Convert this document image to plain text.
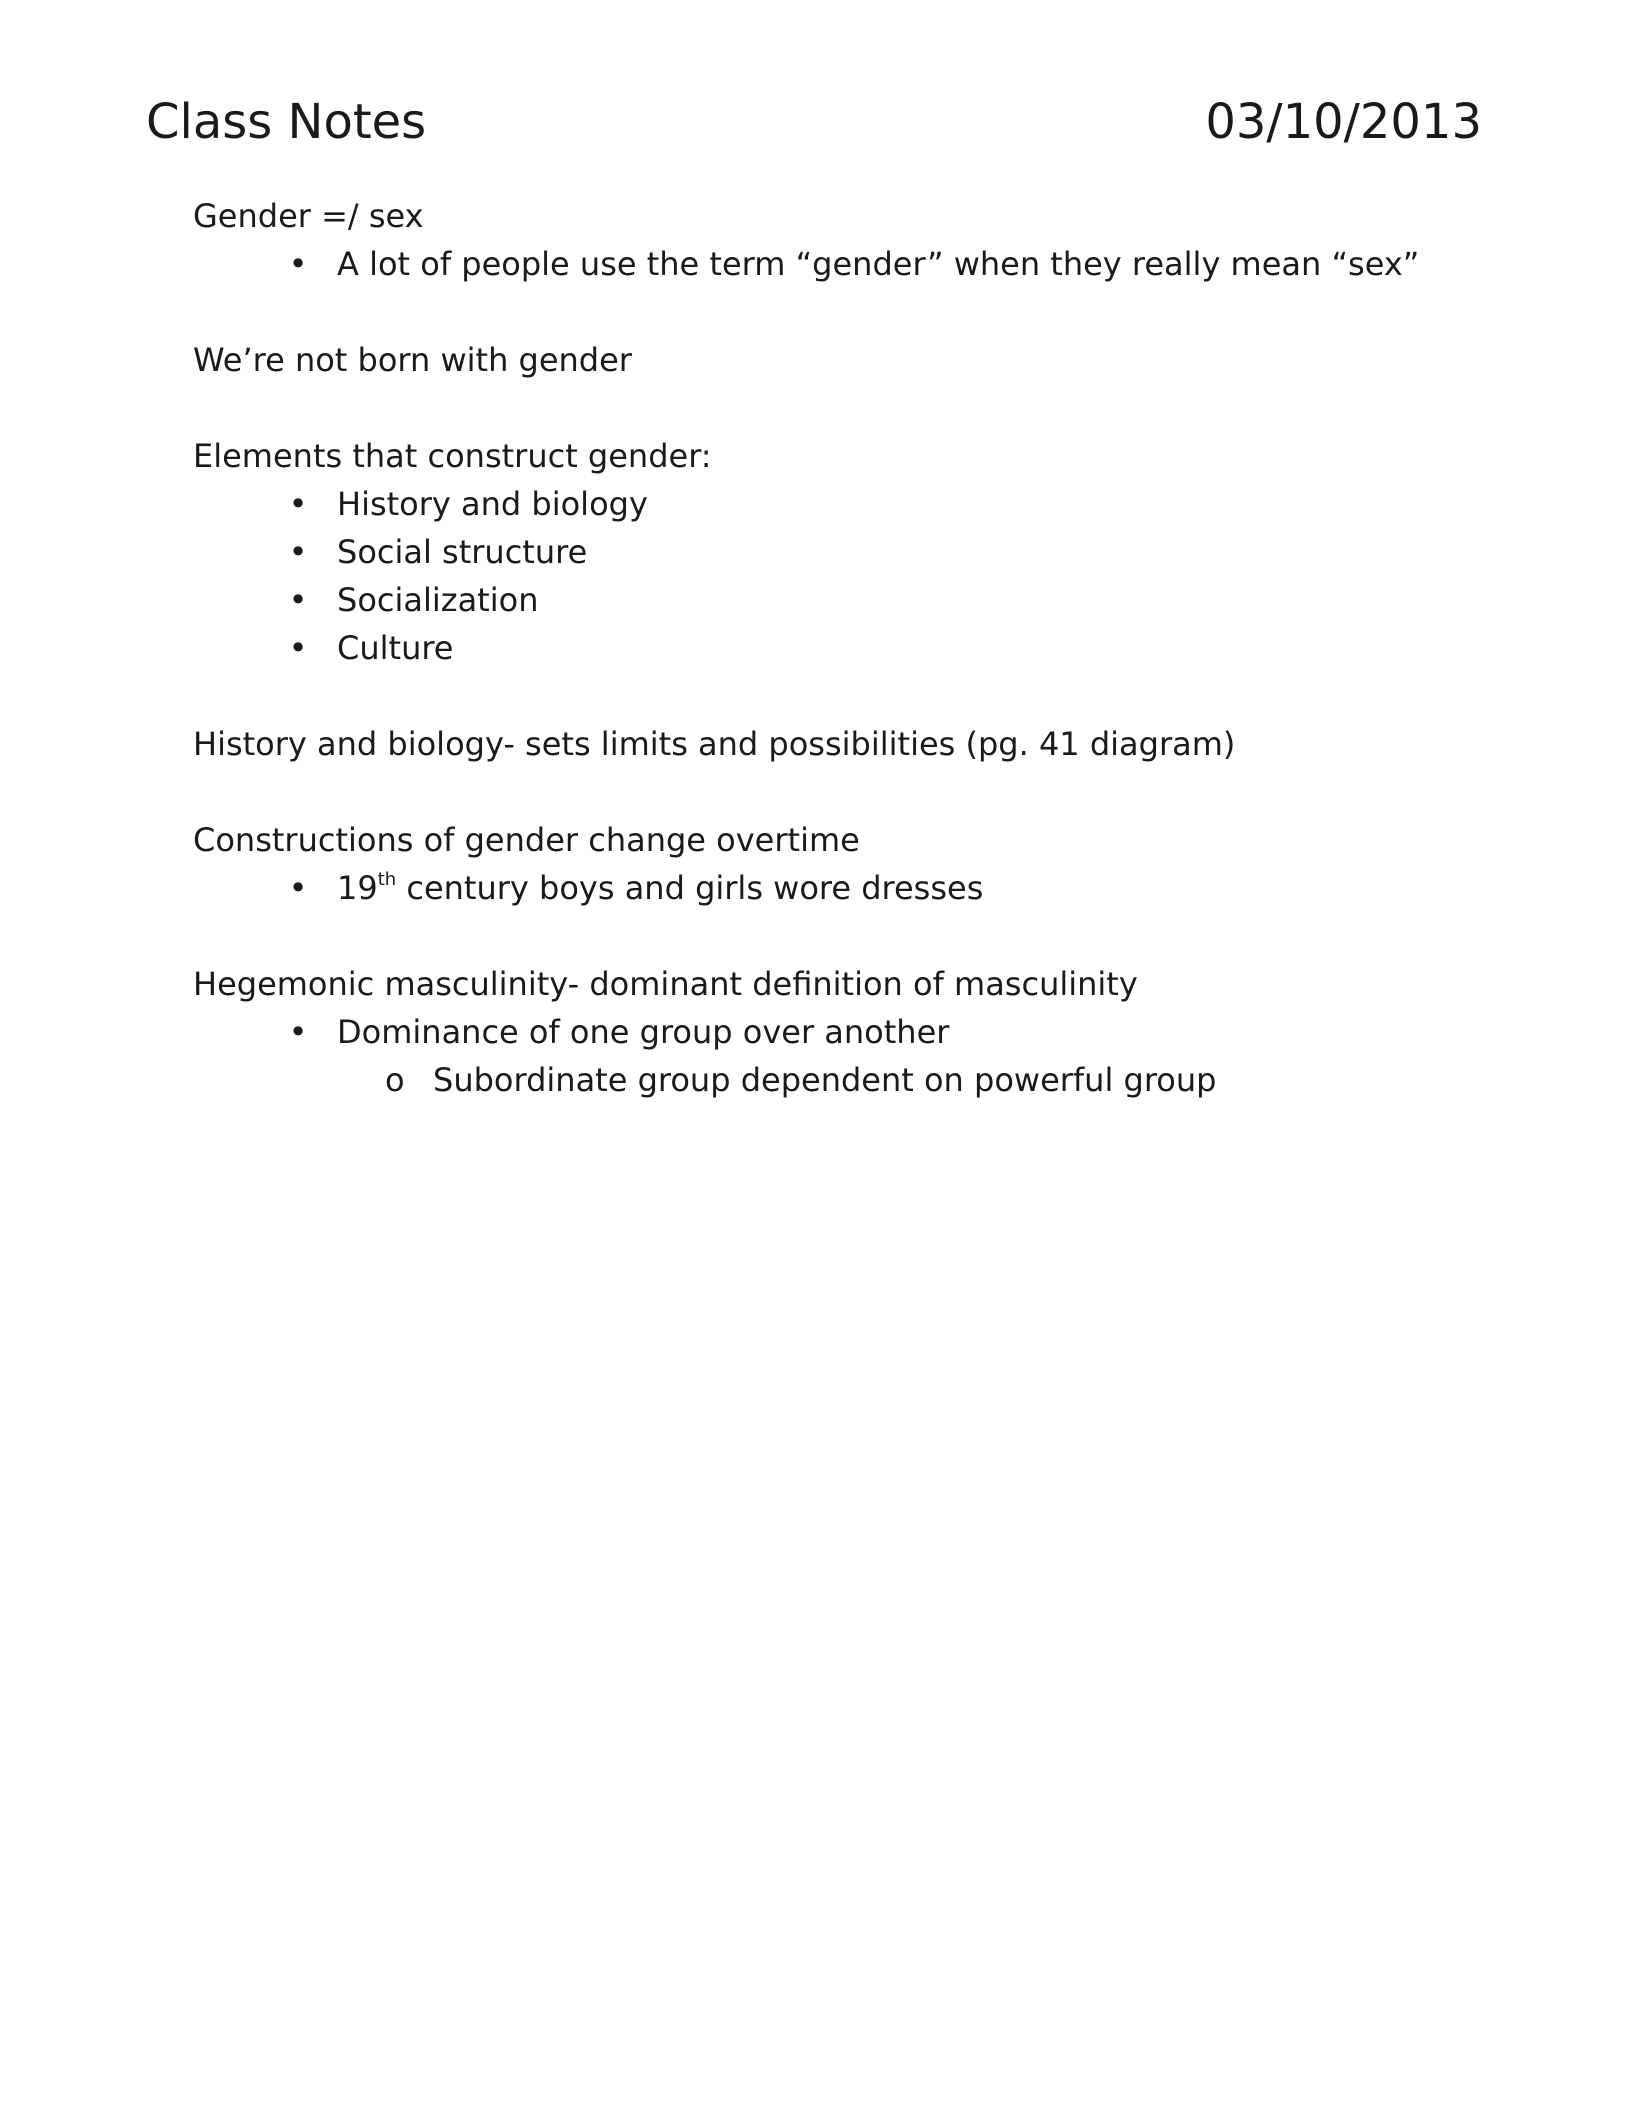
Class Notes	03/10/2013

Gender =/ sex

• A lot of people use the term “gender” when they really mean “sex”

We’re not born with gender

Elements that construct gender:

• History and biology
• Social structure
• Socialization
• Culture

History and biology- sets limits and possibilities (pg. 41 diagram)

Constructions of gender change overtime

• 19th century boys and girls wore dresses

Hegemonic masculinity- dominant definition of masculinity

• Dominance of one group over another
o Subordinate group dependent on powerful group
